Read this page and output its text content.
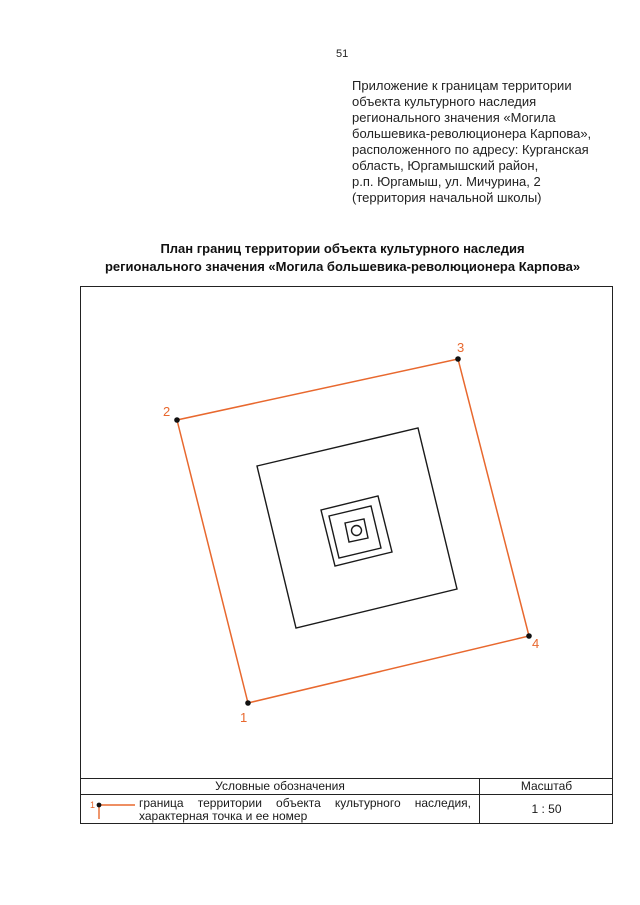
51
Приложение к границам территории
объекта культурного наследия
регионального значения «Могила
большевика-революционера Карпова»,
расположенного по адресу: Курганская
область, Юргамышский район,
р.п. Юргамыш, ул. Мичурина, 2
(территория начальной школы)
План границ территории объекта культурного наследия
регионального значения «Могила большевика-революционера Карпова»
1
2
3
4
Условные обозначения	Масштаб
1	граница территории объекта культурного наследия, характерная точка и ее номер	1 : 50
